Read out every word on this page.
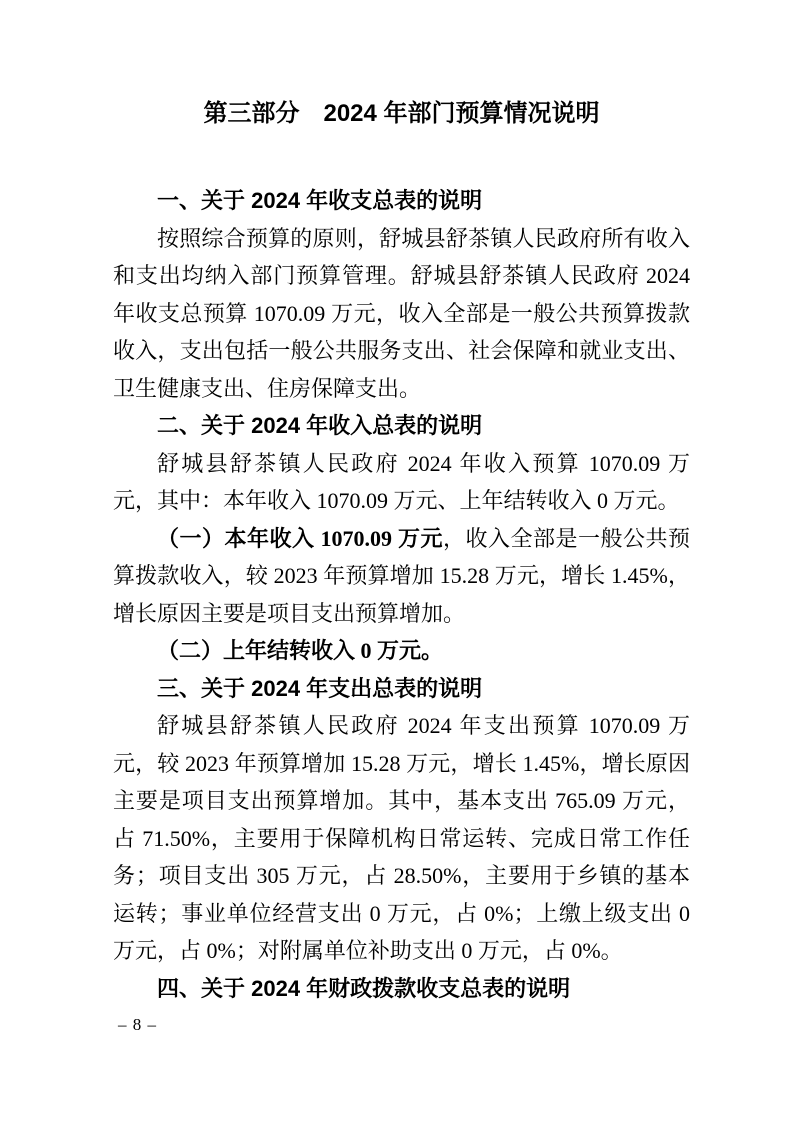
第三部分　2024 年部门预算情况说明
一、关于 2024 年收支总表的说明

按照综合预算的原则，舒城县舒茶镇人民政府所有收入和支出均纳入部门预算管理。舒城县舒茶镇人民政府 2024 年收支总预算 1070.09 万元，收入全部是一般公共预算拨款收入，支出包括一般公共服务支出、社会保障和就业支出、卫生健康支出、住房保障支出。

二、关于 2024 年收入总表的说明

舒城县舒茶镇人民政府 2024 年收入预算 1070.09 万元，其中：本年收入 1070.09 万元、上年结转收入 0 万元。

（一）本年收入 1070.09 万元，收入全部是一般公共预算拨款收入，较 2023 年预算增加 15.28 万元，增长 1.45%，增长原因主要是项目支出预算增加。

（二）上年结转收入 0 万元。

三、关于 2024 年支出总表的说明

舒城县舒茶镇人民政府 2024 年支出预算 1070.09 万元，较 2023 年预算增加 15.28 万元，增长 1.45%，增长原因主要是项目支出预算增加。其中，基本支出 765.09 万元，占 71.50%，主要用于保障机构日常运转、完成日常工作任务；项目支出 305 万元，占 28.50%，主要用于乡镇的基本运转；事业单位经营支出 0 万元，占 0%；上缴上级支出 0 万元，占 0%；对附属单位补助支出 0 万元，占 0%。

四、关于 2024 年财政拨款收支总表的说明
– 8 –
